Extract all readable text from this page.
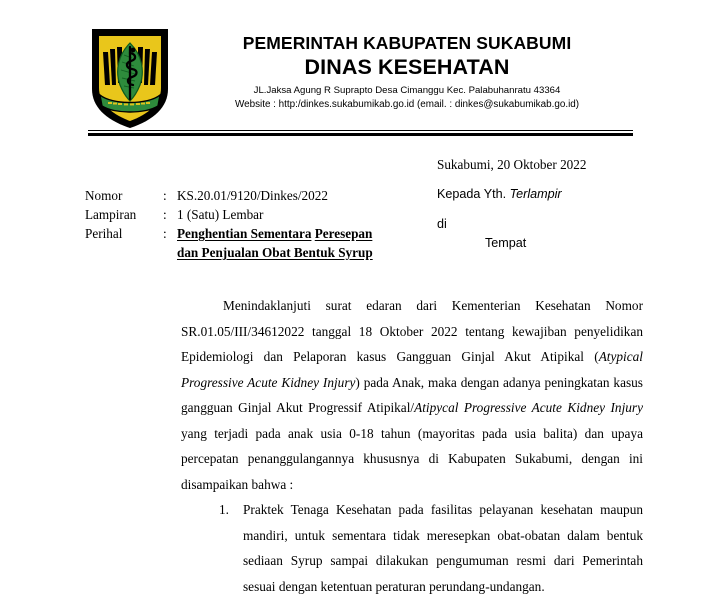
PEMERINTAH KABUPATEN SUKABUMI
DINAS KESEHATAN
JL.Jaksa Agung R Suprapto Desa Cimanggu Kec. Palabuhanratu 43364
Website : http:/dinkes.sukabumikab.go.id (email. : dinkes@sukabumikab.go.id)
Nomor	: KS.20.01/9120/Dinkes/2022
Lampiran	: 1 (Satu) Lembar
Perihal	: Penghentian Sementara Peresepan
dan Penjualan Obat Bentuk Syrup
Sukabumi, 20 Oktober 2022
Kepada Yth. Terlampir
di
Tempat

Menindaklanjuti surat edaran dari Kementerian Kesehatan Nomor SR.01.05/III/34612022 tanggal 18 Oktober 2022 tentang kewajiban penyelidikan Epidemiologi dan Pelaporan kasus Gangguan Ginjal Akut Atipikal (Atypical Progressive Acute Kidney Injury) pada Anak, maka dengan adanya peningkatan kasus gangguan Ginjal Akut Progressif Atipikal/Atipycal Progressive Acute Kidney Injury yang terjadi pada anak usia 0-18 tahun (mayoritas pada usia balita) dan upaya percepatan penanggulangannya khususnya di Kabupaten Sukabumi, dengan ini disampaikan bahwa :

1.	Praktek Tenaga Kesehatan pada fasilitas pelayanan kesehatan maupun mandiri, untuk sementara tidak meresepkan obat-obatan dalam bentuk sediaan Syrup sampai dilakukan pengumuman resmi dari Pemerintah sesuai dengan ketentuan peraturan perundang-undangan.
